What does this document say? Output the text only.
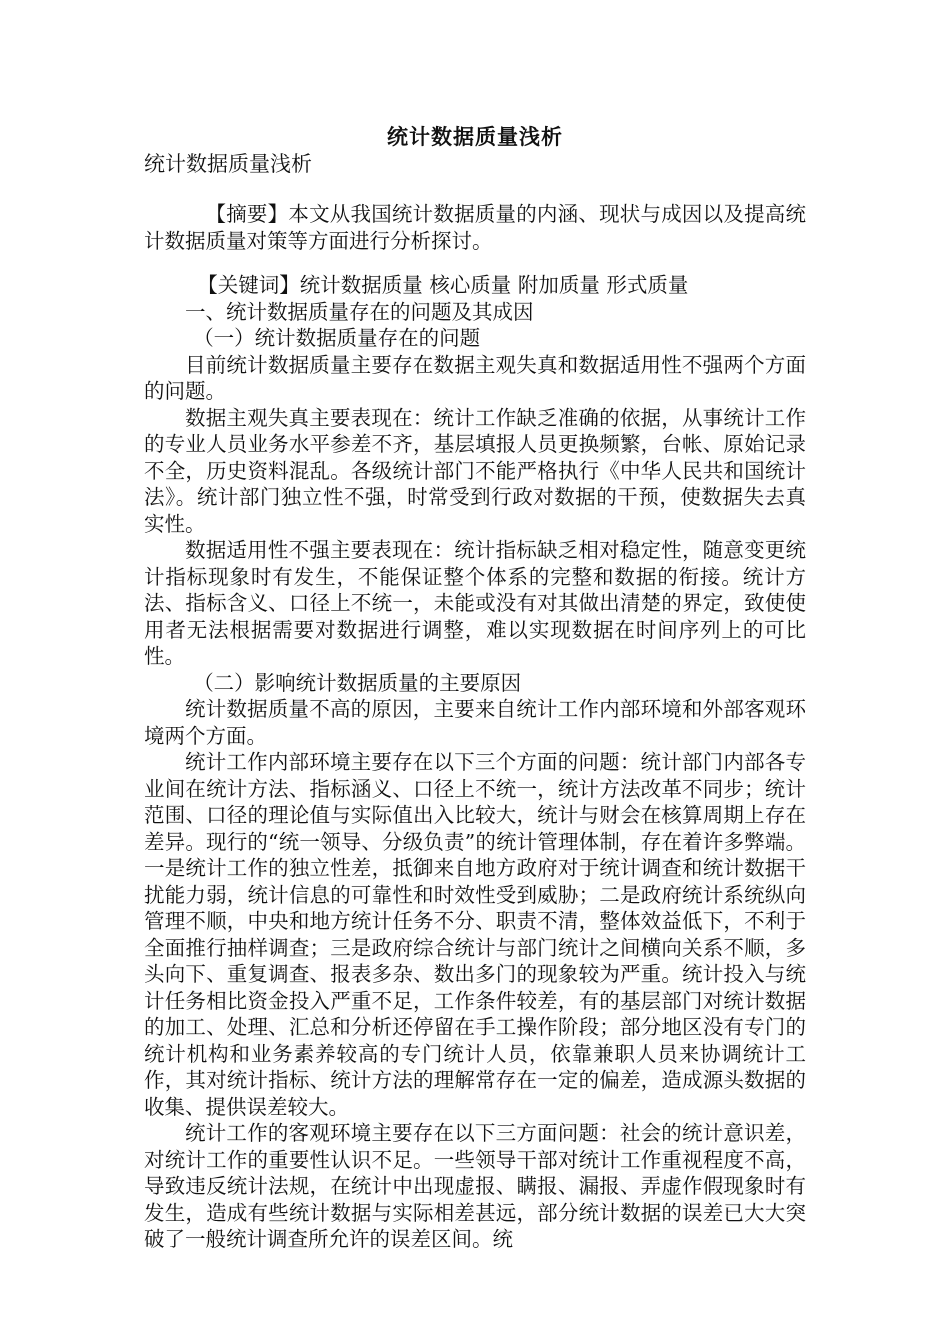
统计数据质量浅析
统计数据质量浅析

【摘要】本文从我国统计数据质量的内涵、现状与成因以及提高统计数据质量对策等方面进行分析探讨。

【关键词】统计数据质量 核心质量 附加质量 形式质量

一、统计数据质量存在的问题及其成因

（一）统计数据质量存在的问题

目前统计数据质量主要存在数据主观失真和数据适用性不强两个方面的问题。

数据主观失真主要表现在：统计工作缺乏准确的依据，从事统计工作的专业人员业务水平参差不齐，基层填报人员更换频繁，台帐、原始记录不全，历史资料混乱。各级统计部门不能严格执行《中华人民共和国统计法》。统计部门独立性不强，时常受到行政对数据的干预，使数据失去真实性。

数据适用性不强主要表现在：统计指标缺乏相对稳定性，随意变更统计指标现象时有发生，不能保证整个体系的完整和数据的衔接。统计方法、指标含义、口径上不统一，未能或没有对其做出清楚的界定，致使使用者无法根据需要对数据进行调整，难以实现数据在时间序列上的可比性。

（二）影响统计数据质量的主要原因

统计数据质量不高的原因，主要来自统计工作内部环境和外部客观环境两个方面。

统计工作内部环境主要存在以下三个方面的问题：统计部门内部各专业间在统计方法、指标涵义、口径上不统一，统计方法改革不同步；统计范围、口径的理论值与实际值出入比较大，统计与财会在核算周期上存在差异。现行的“统一领导、分级负责”的统计管理体制，存在着许多弊端。一是统计工作的独立性差，抵御来自地方政府对于统计调查和统计数据干扰能力弱，统计信息的可靠性和时效性受到威胁；二是政府统计系统纵向管理不顺，中央和地方统计任务不分、职责不清，整体效益低下，不利于全面推行抽样调查；三是政府综合统计与部门统计之间横向关系不顺，多头向下、重复调查、报表多杂、数出多门的现象较为严重。统计投入与统计任务相比资金投入严重不足，工作条件较差，有的基层部门对统计数据的加工、处理、汇总和分析还停留在手工操作阶段；部分地区没有专门的统计机构和业务素养较高的专门统计人员，依靠兼职人员来协调统计工作，其对统计指标、统计方法的理解常存在一定的偏差，造成源头数据的收集、提供误差较大。

统计工作的客观环境主要存在以下三方面问题：社会的统计意识差，对统计工作的重要性认识不足。一些领导干部对统计工作重视程度不高，导致违反统计法规，在统计中出现虚报、瞒报、漏报、弄虚作假现象时有发生，造成有些统计数据与实际相差甚远，部分统计数据的误差已大大突破了一般统计调查所允许的误差区间。统
